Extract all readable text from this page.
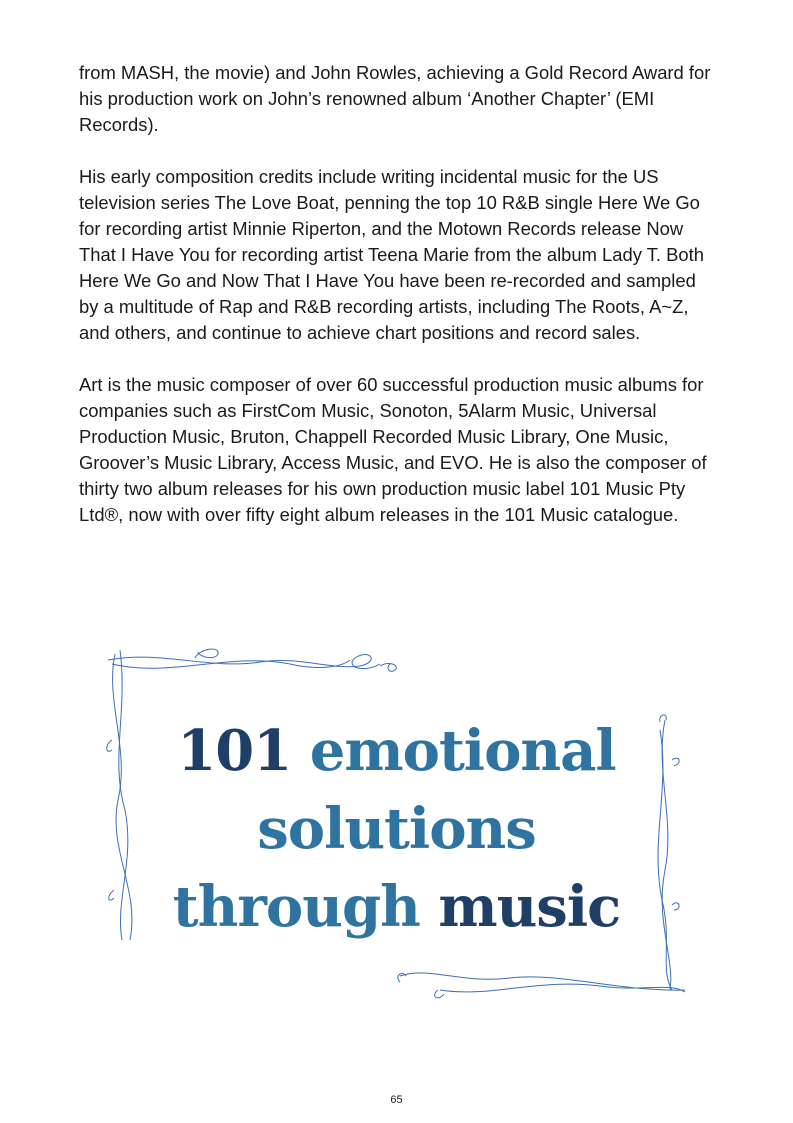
from MASH, the movie) and John Rowles, achieving a Gold Record Award for his production work on John’s renowned album ‘Another Chapter’ (EMI Records).

His early composition credits include writing incidental music for the US television series The Love Boat, penning the top 10 R&B single Here We Go for recording artist Minnie Riperton, and the Motown Records release Now That I Have You for recording artist Teena Marie from the album Lady T. Both Here We Go and Now That I Have You have been re-recorded and sampled by a multitude of Rap and R&B recording artists, including The Roots, A~Z, and others, and continue to achieve chart positions and record sales.

Art is the music composer of over 60 successful production music albums for companies such as FirstCom Music, Sonoton, 5Alarm Music, Universal Production Music, Bruton, Chappell Recorded Music Library, One Music, Groover’s Music Library, Access Music, and EVO. He is also the composer of thirty two album releases for his own production music label 101 Music Pty Ltd®, now with over fifty eight album releases in the 101 Music catalogue.

101 emotional
solutions
through music
65
